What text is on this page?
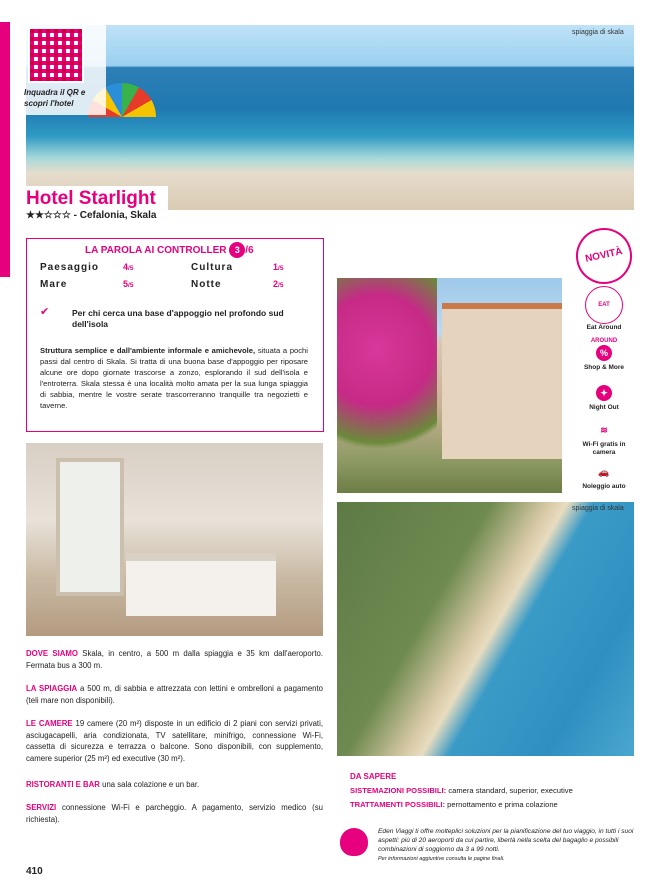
Inquadra il QR e scopri l'hotel
spiaggia di skala
Hotel Starlight
★★☆☆☆ - Cefalonia, Skala
LA PAROLA AI CONTROLLER 3 /6
Paesaggio	4/5	Cultura	1/5
Mare	5/5	Notte	2/5
✔	Per chi cerca una base d'appoggio nel profondo sud dell'isola
Struttura semplice e dall'ambiente informale e amichevole, situata a pochi passi dal centro di Skala. Si tratta di una buona base d'appoggio per riposare alcune ore dopo giornate trascorse a zonzo, esplorando il sud dell'isola e l'entroterra. Skala stessa è una località molto amata per la sua lunga spiaggia di sabbia, mentre le vostre serate trascorreranno tranquille tra negozietti e taverne.
spiaggia di skala
NOVITÀ
EAT AROUND
Eat Around
%
Shop & More
✦
Night Out
≋
Wi-Fi gratis in camera
🚗
Noleggio auto
DOVE SIAMO Skala, in centro, a 500 m dalla spiaggia e 35 km dall'aeroporto. Fermata bus a 300 m.
LA SPIAGGIA a 500 m, di sabbia e attrezzata con lettini e ombrelloni a pagamento (teli mare non disponibili).
LE CAMERE 19 camere (20 m²) disposte in un edificio di 2 piani con servizi privati, asciugacapelli, aria condizionata, TV satellitare, minifrigo, connessione Wi-Fi, cassetta di sicurezza e terrazza o balcone. Sono disponibili, con supplemento, camere superior (25 m²) ed executive (30 m²).
RISTORANTI E BAR una sala colazione e un bar.
SERVIZI connessione Wi-Fi e parcheggio. A pagamento, servizio medico (su richiesta).
DA SAPERE
SISTEMAZIONI POSSIBILI: camera standard, superior, executive
TRATTAMENTI POSSIBILI: pernottamento e prima colazione
Eden Viaggi ti offre molteplici soluzioni per la pianificazione del tuo viaggio, in tutti i suoi aspetti: più di 20 aeroporti da cui partire, libertà nella scelta del bagaglio e possibili combinazioni di soggiorno da 3 a 99 notti.
Per informazioni aggiuntive consulta le pagine finali.
410
